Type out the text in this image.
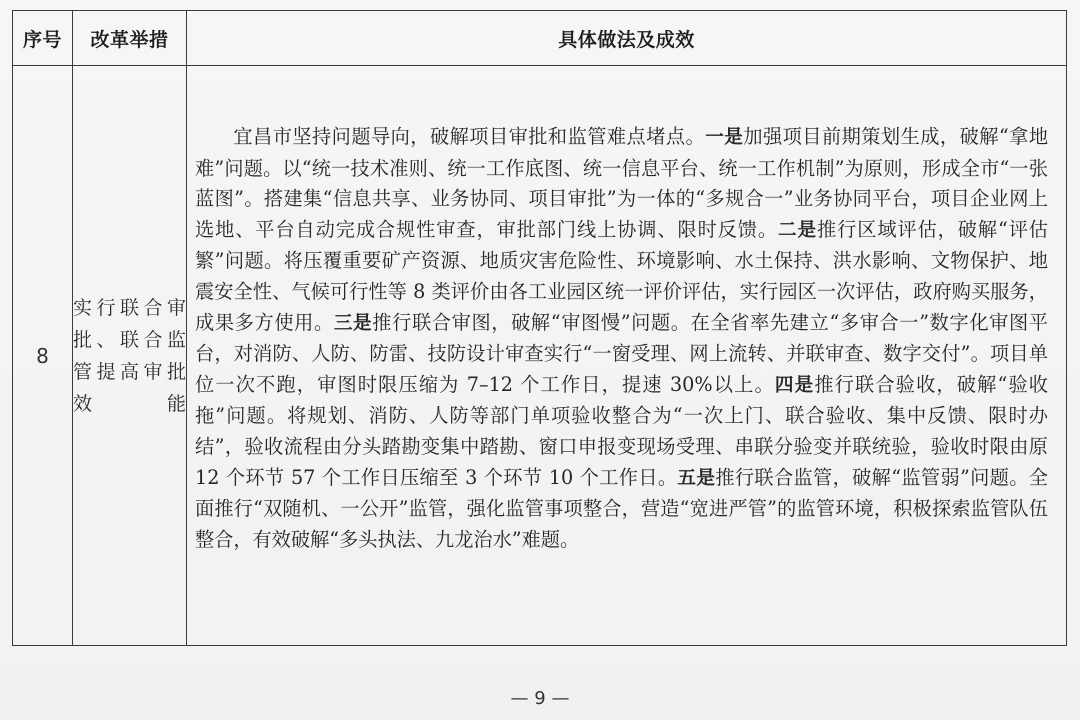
序号	改革举措	具体做法及成效
8	实行联合审批、联合监管提高审批效能	宜昌市坚持问题导向，破解项目审批和监管难点堵点。一是加强项目前期策划生成，破解“拿地难”问题。以“统一技术准则、统一工作底图、统一信息平台、统一工作机制”为原则，形成全市“一张蓝图”。搭建集“信息共享、业务协同、项目审批”为一体的“多规合一”业务协同平台，项目企业网上选地、平台自动完成合规性审查，审批部门线上协调、限时反馈。二是推行区域评估，破解“评估繁”问题。将压覆重要矿产资源、地质灾害危险性、环境影响、水土保持、洪水影响、文物保护、地震安全性、气候可行性等 8 类评价由各工业园区统一评价评估，实行园区一次评估，政府购买服务，成果多方使用。三是推行联合审图，破解“审图慢”问题。在全省率先建立“多审合一”数字化审图平台，对消防、人防、防雷、技防设计审查实行“一窗受理、网上流转、并联审查、数字交付”。项目单位一次不跑，审图时限压缩为 7–12 个工作日，提速 30%以上。四是推行联合验收，破解“验收拖”问题。将规划、消防、人防等部门单项验收整合为“一次上门、联合验收、集中反馈、限时办结”，验收流程由分头踏勘变集中踏勘、窗口申报变现场受理、串联分验变并联统验，验收时限由原 12 个环节 57 个工作日压缩至 3 个环节 10 个工作日。五是推行联合监管，破解“监管弱”问题。全面推行“双随机、一公开”监管，强化监管事项整合，营造“宽进严管”的监管环境，积极探索监管队伍整合，有效破解“多头执法、九龙治水”难题。
— 9 —
